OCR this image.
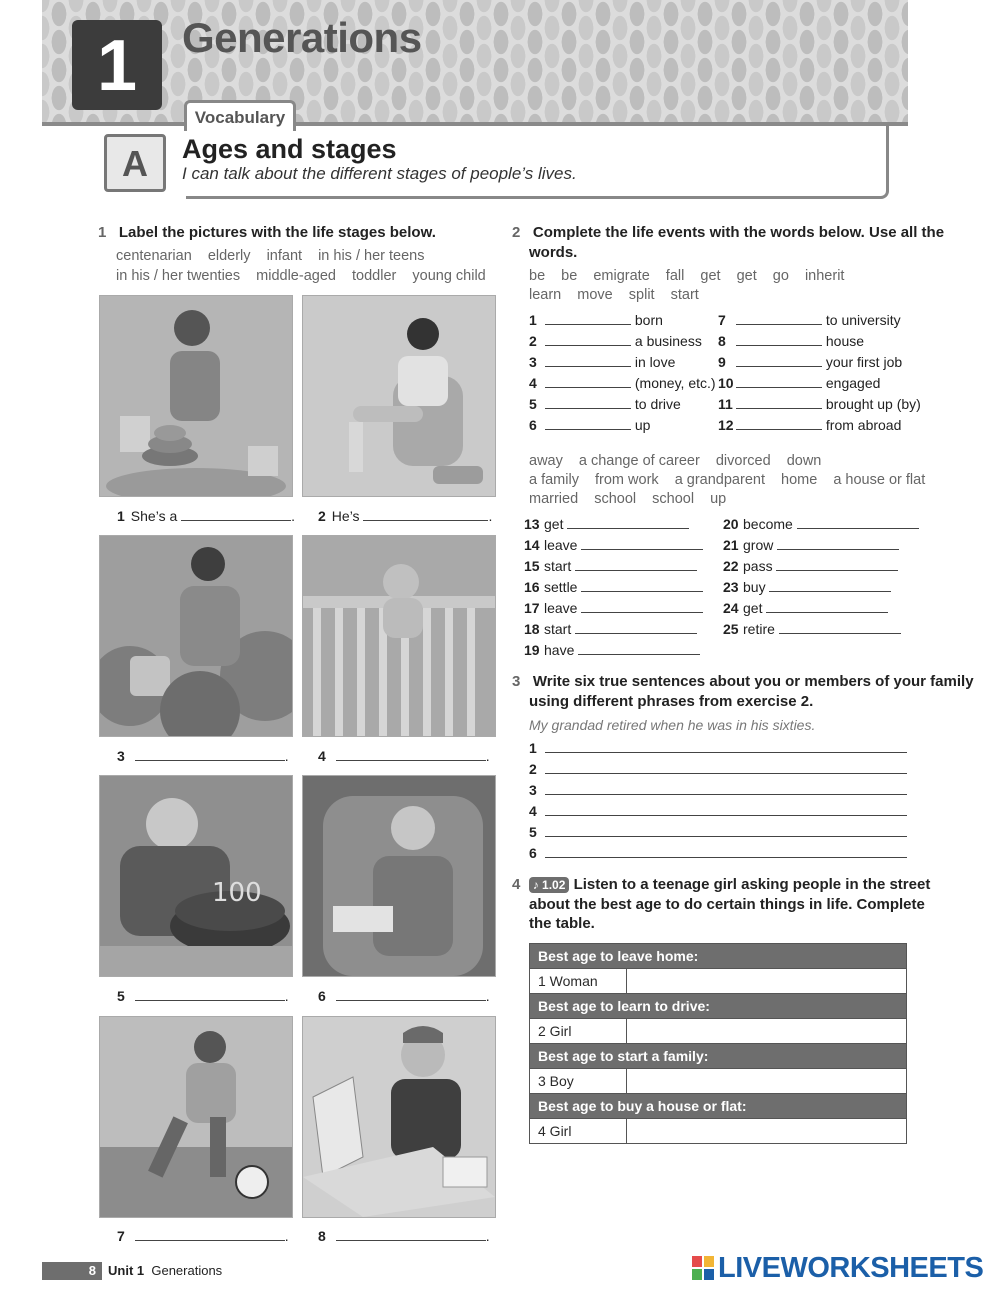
1	Generations
Vocabulary
A	Ages and stages
I can talk about the different stages of people’s lives.
1 Label the pictures with the life stages below.
centenarian elderly infant in his / her teens
in his / her twenties middle-aged toddler young child
1 She’s a	. 2 He’s	.
3	. 4	.
100
5	. 6	.
7	. 8	.
2 Complete the life events with the words below. Use all the
words.
be be emigrate fall get get go inherit
learn move split start
1	born
2	a business
3	in love
4	(money, etc.)
5	to drive
6	up
7	to university
8	house
9	your first job
10	engaged
11	brought up (by)
12	from abroad
away a change of career divorced down
a family from work a grandparent home a house or flat
married school school up
13 get
14 leave
15 start
16 settle
17 leave
18 start
19 have
20 become
21 grow
22 pass
23 buy
24 get
25 retire
3 Write six true sentences about you or members of your family
using different phrases from exercise 2.
My grandad retired when he was in his sixties.
1
2
3
4
5
6
4 ♪ 1.02 Listen to a teenage girl asking people in the street
about the best age to do certain things in life. Complete
the table.
Best age to leave home:	
1 Woman	
Best age to learn to drive:	
2 Girl	
Best age to start a family:	
3 Boy	
Best age to buy a house or flat:	
4 Girl	
8 Unit 1 Generations	LIVEWORKSHEETS
